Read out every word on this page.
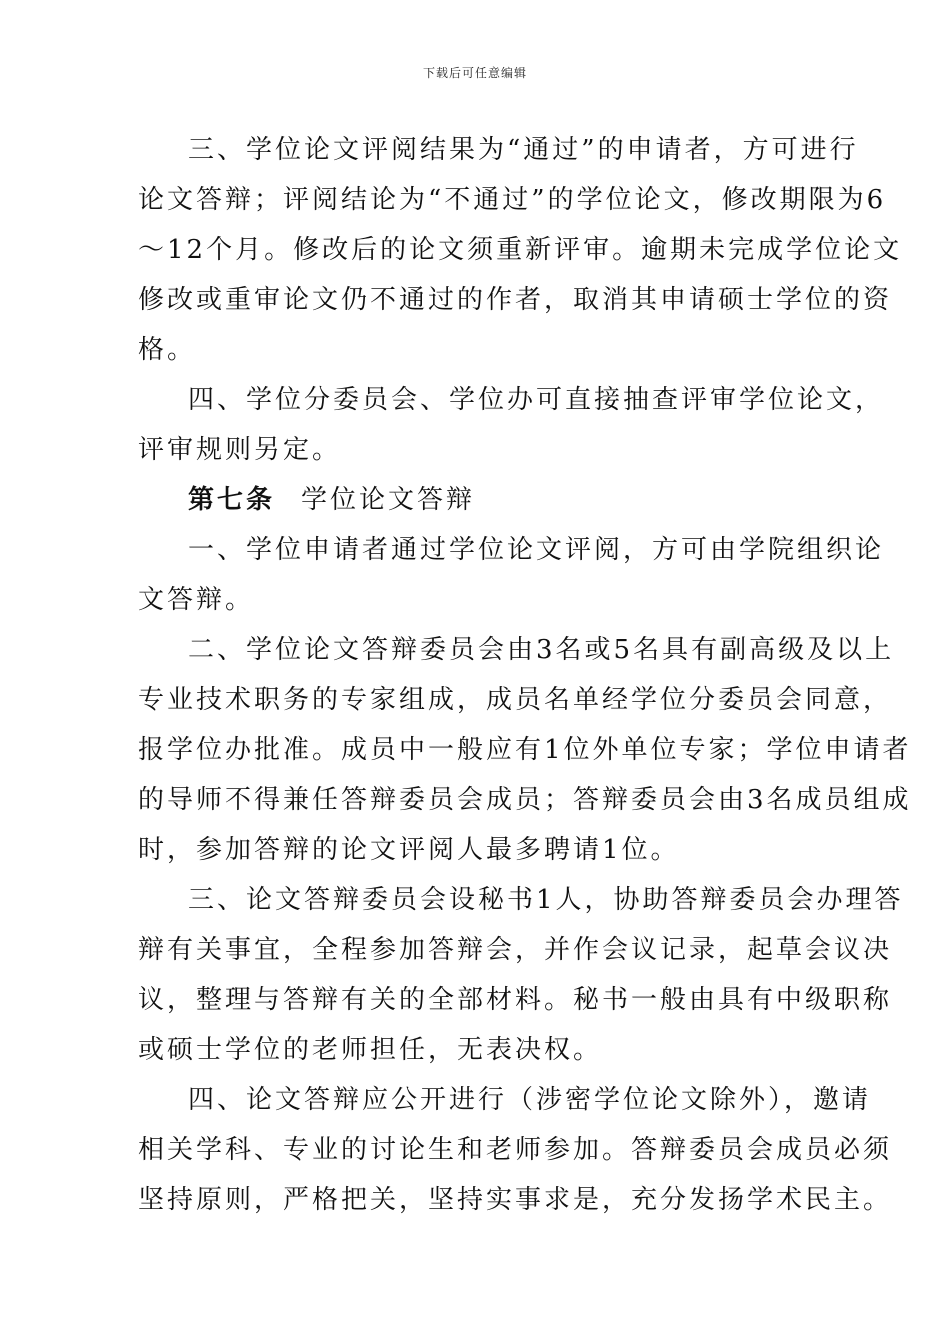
下载后可任意编辑
三、学位论文评阅结果为“通过”的申请者，方可进行
论文答辩；评阅结论为“不通过”的学位论文，修改期限为6
～12个月。修改后的论文须重新评审。逾期未完成学位论文
修改或重审论文仍不通过的作者，取消其申请硕士学位的资
格。
四、学位分委员会、学位办可直接抽查评审学位论文，
评审规则另定。
第七条 学位论文答辩
一、学位申请者通过学位论文评阅，方可由学院组织论
文答辩。
二、学位论文答辩委员会由3名或5名具有副高级及以上
专业技术职务的专家组成，成员名单经学位分委员会同意，
报学位办批准。成员中一般应有1位外单位专家；学位申请者
的导师不得兼任答辩委员会成员；答辩委员会由3名成员组成
时，参加答辩的论文评阅人最多聘请1位。
三、论文答辩委员会设秘书1人，协助答辩委员会办理答
辩有关事宜，全程参加答辩会，并作会议记录，起草会议决
议，整理与答辩有关的全部材料。秘书一般由具有中级职称
或硕士学位的老师担任，无表决权。
四、论文答辩应公开进行（涉密学位论文除外），邀请
相关学科、专业的讨论生和老师参加。答辩委员会成员必须
坚持原则，严格把关，坚持实事求是，充分发扬学术民主。
